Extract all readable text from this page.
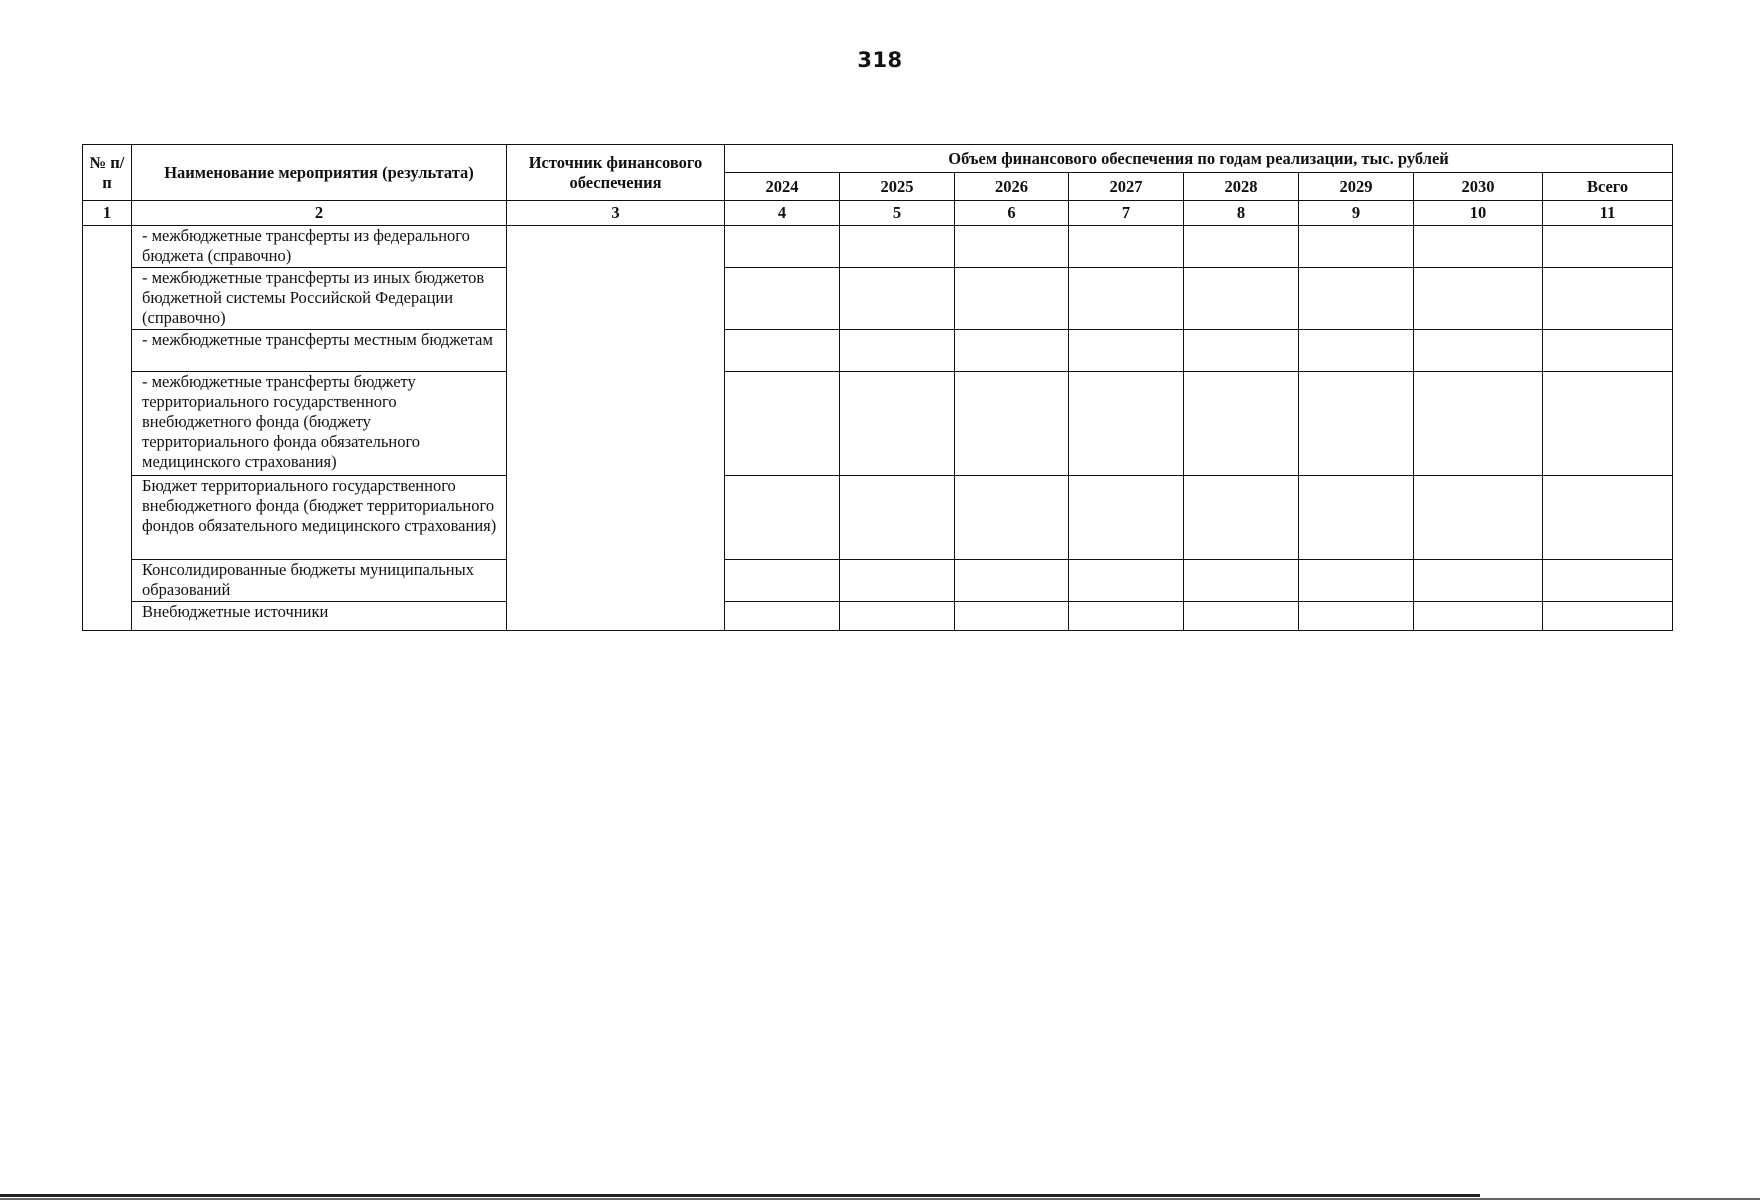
318
№ п/п	Наименование мероприятия (результата)	Источник финансового обеспечения	Объем финансового обеспечения по годам реализации, тыс. рублей							
			2024	2025	2026	2027	2028	2029	2030	Всего
1	2	3	4	5	6	7	8	9	10	11
	- межбюджетные трансферты из федерального бюджета (справочно)									
	- межбюджетные трансферты из иных бюджетов бюджетной системы Российской Федерации (справочно)									
	- межбюджетные трансферты местным бюджетам									
	- межбюджетные трансферты бюджету территориального государственного внебюджетного фонда (бюджету территориального фонда обязательного медицинского страхования)									
	Бюджет территориального государственного внебюджетного фонда (бюджет территориального фондов обязательного медицинского страхования)									
	Консолидированные бюджеты муниципальных образований									
	Внебюджетные источники									
